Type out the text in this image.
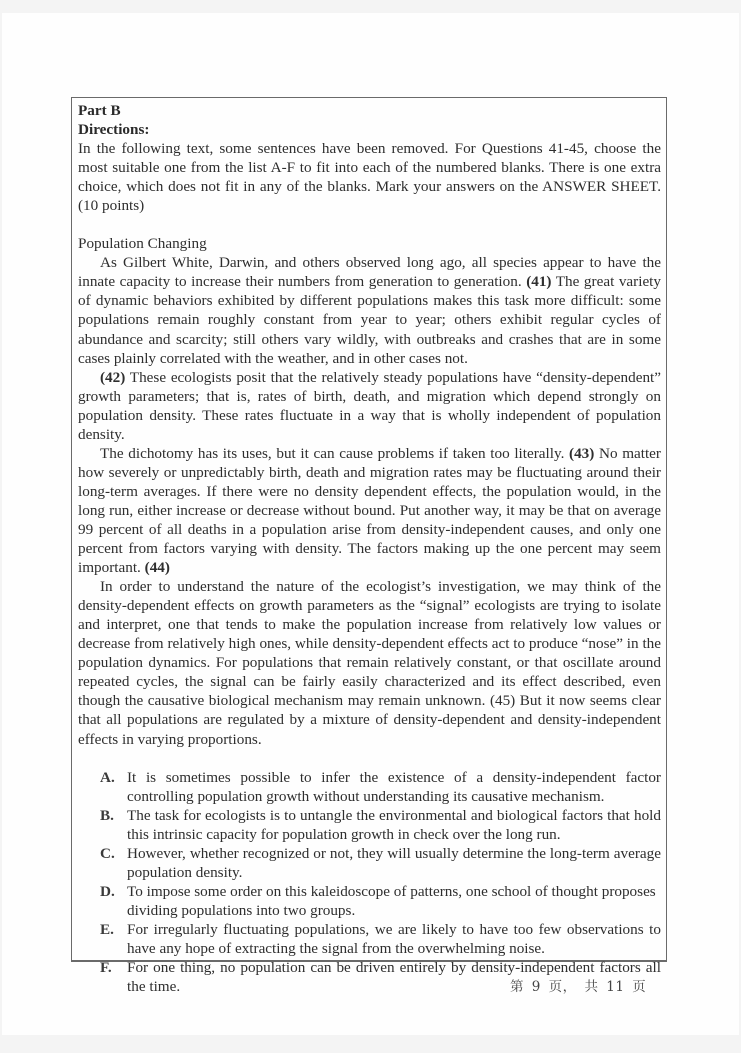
Part B
Directions:

In the following text, some sentences have been removed. For Questions 41-45, choose the most suitable one from the list A-F to fit into each of the numbered blanks. There is one extra choice, which does not fit in any of the blanks. Mark your answers on the ANSWER SHEET. (10 points)

Population Changing

As Gilbert White, Darwin, and others observed long ago, all species appear to have the innate capacity to increase their numbers from generation to generation. (41) The great variety of dynamic behaviors exhibited by different populations makes this task more difficult: some populations remain roughly constant from year to year; others exhibit regular cycles of abundance and scarcity; still others vary wildly, with outbreaks and crashes that are in some cases plainly correlated with the weather, and in other cases not.

(42) These ecologists posit that the relatively steady populations have “density-dependent” growth parameters; that is, rates of birth, death, and migration which depend strongly on population density. These rates fluctuate in a way that is wholly independent of population density.

The dichotomy has its uses, but it can cause problems if taken too literally. (43) No matter how severely or unpredictably birth, death and migration rates may be fluctuating around their long-term averages. If there were no density dependent effects, the population would, in the long run, either increase or decrease without bound. Put another way, it may be that on average 99 percent of all deaths in a population arise from density-independent causes, and only one percent from factors varying with density. The factors making up the one percent may seem important. (44)

In order to understand the nature of the ecologist’s investigation, we may think of the density-dependent effects on growth parameters as the “signal” ecologists are trying to isolate and interpret, one that tends to make the population increase from relatively low values or decrease from relatively high ones, while density-dependent effects act to produce “nose” in the population dynamics. For populations that remain relatively constant, or that oscillate around repeated cycles, the signal can be fairly easily characterized and its effect described, even though the causative biological mechanism may remain unknown. (45) But it now seems clear that all populations are regulated by a mixture of density-dependent and density-independent effects in varying proportions.

A. It is sometimes possible to infer the existence of a density-independent factor controlling population growth without understanding its causative mechanism.
B. The task for ecologists is to untangle the environmental and biological factors that hold this intrinsic capacity for population growth in check over the long run.
C. However, whether recognized or not, they will usually determine the long-term average population density.
D. To impose some order on this kaleidoscope of patterns, one school of thought proposes dividing populations into two groups.
E. For irregularly fluctuating populations, we are likely to have too few observations to have any hope of extracting the signal from the overwhelming noise.
F.	For one thing, no population can be driven entirely by density-independent factors all the time.	第 9 页， 共 11 页
